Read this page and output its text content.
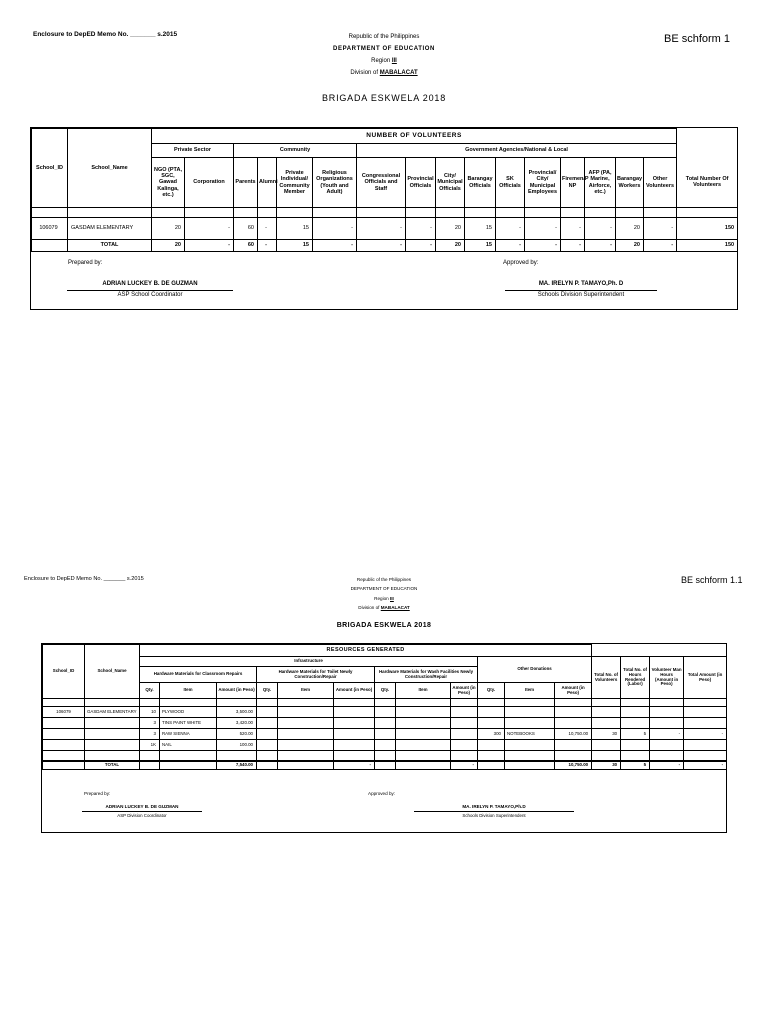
Enclosure to DepED Memo No. _______ s.2015	BE schform 1
Republic of the Philippines
DEPARTMENT OF EDUCATION
Region III
Division of MABALACAT
BRIGADA ESKWELA 2018
School_ID	School_Name	NUMBER OF VOLUNTEERS																
		Private Sector		Community				Government Agencies/National & Local										
		NGO (PTA, SGC, Gawad Kalinga, etc.)	Corporation	Parents	Alumni	Private Individual/ Community Member	Religious Organizations (Youth and Adult)	Congressional Officials and Staff	Provincial Officials	City/ Municipal Officials	Barangay Officials	SK Officials	Provincial/ City/ Municipal Employees	Firemen/P NP	AFP (PA, Marine, Airforce, etc.)	Barangay Workers	Other Volunteers	Total Number Of Volunteers

106079	GASDAM ELEMENTARY	20	-	60	-	15	-	-	-	20	15	-	-	-	-	20	-	150
	TOTAL	20	-	60	-	15	-	-	-	20	15	-	-	-	-	20	-	150
Prepared by:
ADRIAN LUCKEY B. DE GUZMAN
ASP School Coordinator
Approved by:
MA. IRELYN P. TAMAYO,Ph. D
Schools Division Superintendent
Enclosure to DepED Memo No. _______ s.2015	BE schform 1.1
Republic of the Philippines
DEPARTMENT OF EDUCATION
Region III
Division of MABALACAT
BRIGADA ESKWELA 2018
School_ID	School_Name	RESOURCES GENERATED															
		Infrastructure									Other Donations			Total No. of Volunteers	Total No. of Hours Rendered (Labor)	Volunteer Man Hours (Amount in Peso)	Total Amount (in Peso)
		Hardware Materials for Classroom Repairs			Hardware Materials for Toilet Newly Construction/Repair			Hardware Materials for Wash Facilities Newly Construction/Repair									
		Qty.	Item	Amount (in Peso)	Qty.	Item	Amount (in Peso)	Qty.	Item	Amount (in Peso)	Qty.	Item	Amount (in Peso)				

106079	GASDAM ELEMENTARY	10	PLYWOOD	3,500.00													
		3	TINS PAINT WHITE	3,420.00													
		3	RAW SIENNA	520.00							300	NOTEBOOKS	10,750.00	30	5	-	-
		1K	NAIL	100.00													

	TOTAL			7,540.00			-			-			10,750.00	30	5	-	-
Prepared by:
ADRIAN LUCKEY B. DE GUZMAN
ASP Division Coordinator
Approved by:
MA. IRELYN P. TAMAYO,Ph.D
Schools Division Superintendent
